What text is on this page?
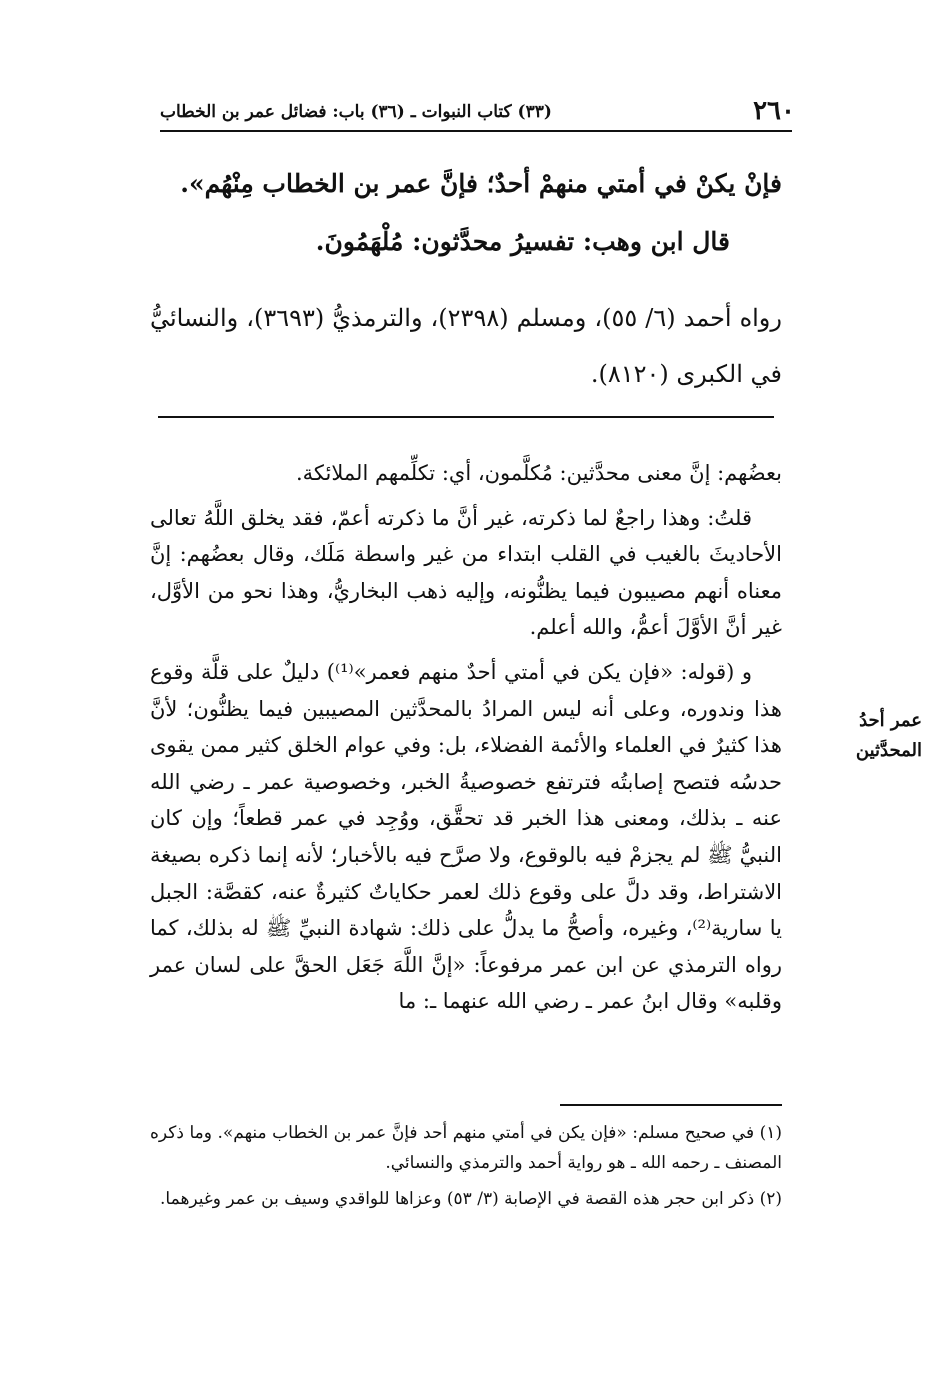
٢٦٠
(٣٣) كتاب النبوات ـ (٣٦) باب: فضائل عمر بن الخطاب
فإنْ يكنْ في أمتي منهمْ أحدٌ؛ فإنَّ عمر بن الخطاب مِنْهُم».
قال ابن وهب: تفسيرُ محدَّثون: مُلْهَمُونَ.
رواه أحمد (٦/ ٥٥)، ومسلم (٢٣٩٨)، والترمذيُّ (٣٦٩٣)، والنسائيُّ في الكبرى (٨١٢٠).

بعضُهم: إنَّ معنى محدَّثين: مُكلَّمون، أي: تكلِّمهم الملائكة.

قلتُ: وهذا راجعٌ لما ذكرته، غير أنَّ ما ذكرته أعمّ، فقد يخلق اللَّهُ تعالى الأحاديثَ بالغيب في القلب ابتداء من غير واسطة مَلَك، وقال بعضُهم: إنَّ معناه أنهم مصيبون فيما يظنُّونه، وإليه ذهب البخاريُّ، وهذا نحو من الأوَّل، غير أنَّ الأوَّلَ أعمُّ، والله أعلم.

و (قوله: «فإن يكن في أمتي أحدٌ منهم فعمر»⁽¹⁾) دليلٌ على قلَّة وقوع هذا وندوره، وعلى أنه ليس المرادُ بالمحدَّثين المصيبين فيما يظنُّون؛ لأنَّ هذا كثيرٌ في العلماء والأئمة الفضلاء، بل: وفي عوام الخلق كثير ممن يقوى حدسُه فتصح إصابتُه فترتفع خصوصيةُ الخبر، وخصوصية عمر ـ رضي الله عنه ـ بذلك، ومعنى هذا الخبر قد تحقَّق، ووُجِد في عمر قطعاً؛ وإن كان النبيُّ ﷺ لم يجزمْ فيه بالوقوع، ولا صرَّح فيه بالأخبار؛ لأنه إنما ذكره بصيغة الاشتراط، وقد دلَّ على وقوع ذلك لعمر حكاياتٌ كثيرةٌ عنه، كقصَّة: الجبل يا سارية⁽²⁾، وغيره، وأصحُّ ما يدلُّ على ذلك: شهادة النبيِّ ﷺ له بذلك، كما رواه الترمذي عن ابن عمر مرفوعاً: «إنَّ اللَّهَ جَعَل الحقَّ على لسان عمر وقلبه» وقال ابنُ عمر ـ رضي الله عنهما ـ: ما

عمر أحدُ
المحدَّثين

(١) في صحيح مسلم: «فإن يكن في أمتي منهم أحد فإنَّ عمر بن الخطاب منهم». وما ذكره المصنف ـ رحمه الله ـ هو رواية أحمد والترمذي والنسائي.

(٢) ذكر ابن حجر هذه القصة في الإصابة (٣/ ٥٣) وعزاها للواقدي وسيف بن عمر وغيرهما.
